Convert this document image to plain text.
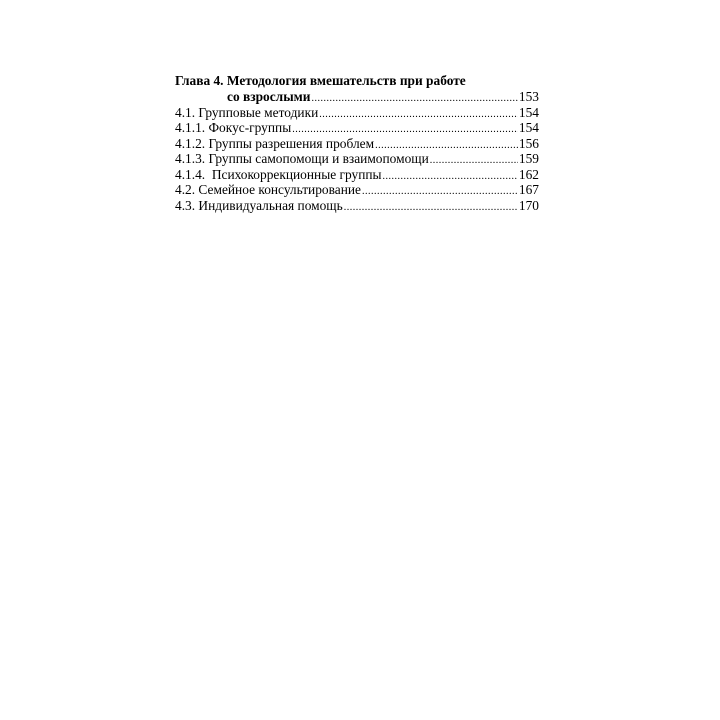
Глава 4. Методология вмешательств при работе
со взрослыми .....	153
4.1. Групповые методики .....	154
4.1.1. Фокус-группы .....	154
4.1.2. Группы разрешения проблем .....	156
4.1.3. Группы самопомощи и взаимопомощи .....	159
4.1.4.  Психокоррекционные группы .....	162
4.2. Семейное консультирование .....	167
4.3. Индивидуальная помощь .....	170
